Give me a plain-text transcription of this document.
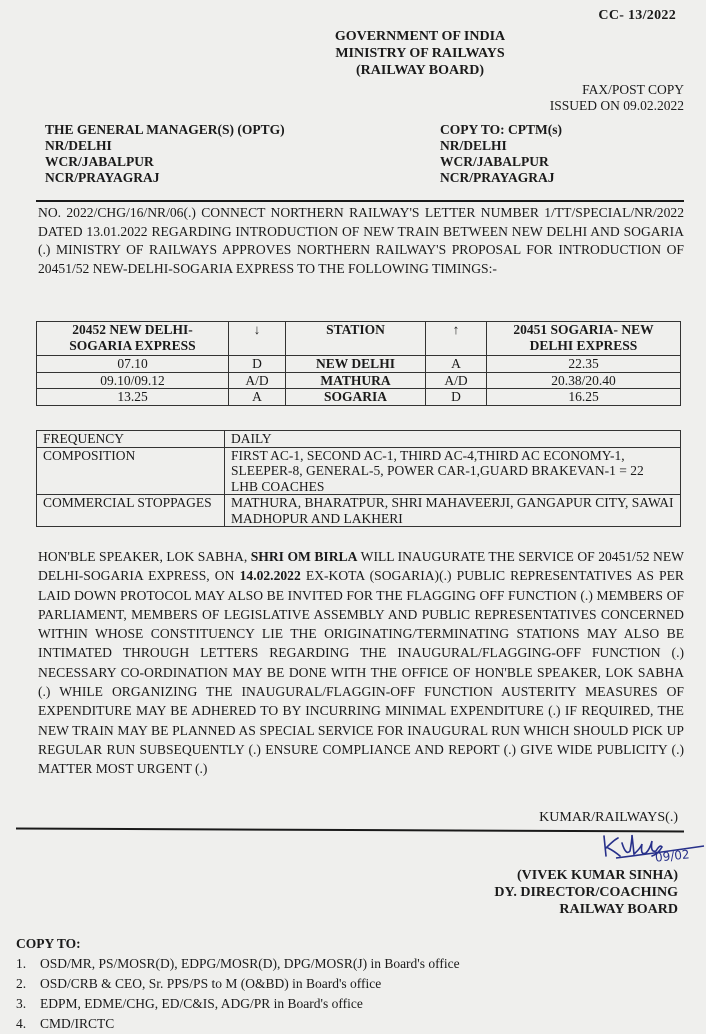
CC- 13/2022
GOVERNMENT OF INDIA
MINISTRY OF RAILWAYS
(RAILWAY BOARD)
FAX/POST COPY
ISSUED ON 09.02.2022
THE GENERAL MANAGER(S) (OPTG)
NR/DELHI
WCR/JABALPUR
NCR/PRAYAGRAJ
COPY TO: CPTM(s)
NR/DELHI
WCR/JABALPUR
NCR/PRAYAGRAJ
NO. 2022/CHG/16/NR/06(.) CONNECT NORTHERN RAILWAY'S LETTER NUMBER 1/TT/SPECIAL/NR/2022 DATED 13.01.2022 REGARDING INTRODUCTION OF NEW TRAIN BETWEEN NEW DELHI AND SOGARIA (.) MINISTRY OF RAILWAYS APPROVES NORTHERN RAILWAY'S PROPOSAL FOR INTRODUCTION OF 20451/52 NEW-DELHI-SOGARIA EXPRESS TO THE FOLLOWING TIMINGS:-
20452 NEW DELHI-SOGARIA EXPRESS	↓	STATION	↑	20451 SOGARIA- NEW DELHI EXPRESS
07.10	D	NEW DELHI	A	22.35
09.10/09.12	A/D	MATHURA	A/D	20.38/20.40
13.25	A	SOGARIA	D	16.25
FREQUENCY	DAILY
COMPOSITION	FIRST AC-1, SECOND AC-1, THIRD AC-4,THIRD AC ECONOMY-1, SLEEPER-8, GENERAL-5, POWER CAR-1,GUARD BRAKEVAN-1 = 22 LHB COACHES
COMMERCIAL STOPPAGES	MATHURA, BHARATPUR, SHRI MAHAVEERJI, GANGAPUR CITY, SAWAI MADHOPUR AND LAKHERI
HON'BLE SPEAKER, LOK SABHA, SHRI OM BIRLA WILL INAUGURATE THE SERVICE OF 20451/52 NEW DELHI-SOGARIA EXPRESS, ON 14.02.2022 EX-KOTA (SOGARIA)(.) PUBLIC REPRESENTATIVES AS PER LAID DOWN PROTOCOL MAY ALSO BE INVITED FOR THE FLAGGING OFF FUNCTION (.) MEMBERS OF PARLIAMENT, MEMBERS OF LEGISLATIVE ASSEMBLY AND PUBLIC REPRESENTATIVES CONCERNED WITHIN WHOSE CONSTITUENCY LIE THE ORIGINATING/TERMINATING STATIONS MAY ALSO BE INTIMATED THROUGH LETTERS REGARDING THE INAUGURAL/FLAGGING-OFF FUNCTION (.) NECESSARY CO-ORDINATION MAY BE DONE WITH THE OFFICE OF HON'BLE SPEAKER, LOK SABHA (.) WHILE ORGANIZING THE INAUGURAL/FLAGGIN-OFF FUNCTION AUSTERITY MEASURES OF EXPENDITURE MAY BE ADHERED TO BY INCURRING MINIMAL EXPENDITURE (.) IF REQUIRED, THE NEW TRAIN MAY BE PLANNED AS SPECIAL SERVICE FOR INAUGURAL RUN WHICH SHOULD PICK UP REGULAR RUN SUBSEQUENTLY (.) ENSURE COMPLIANCE AND REPORT (.) GIVE WIDE PUBLICITY (.) MATTER MOST URGENT (.)
KUMAR/RAILWAYS(.)
09/02
(VIVEK KUMAR SINHA)
DY. DIRECTOR/COACHING
RAILWAY BOARD
COPY TO:
1. OSD/MR, PS/MOSR(D), EDPG/MOSR(D), DPG/MOSR(J) in Board's office
2. OSD/CRB & CEO, Sr. PPS/PS to M (O&BD) in Board's office
3. EDPM, EDME/CHG, ED/C&IS, ADG/PR in Board's office
4. CMD/IRCTC
